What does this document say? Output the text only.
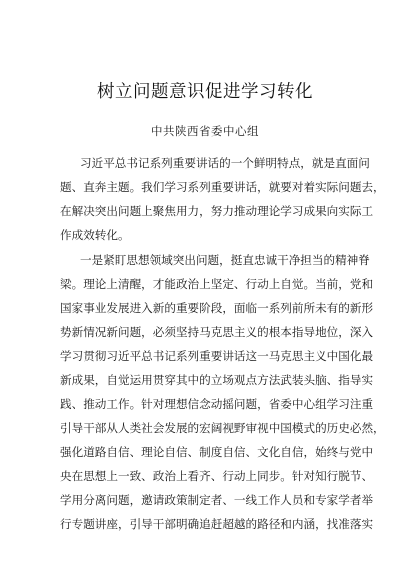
树立问题意识促进学习转化
中共陕西省委中心组
习近平总书记系列重要讲话的一个鲜明特点，就是直面问
题、直奔主题。我们学习系列重要讲话，就要对着实际问题去，
在解决突出问题上聚焦用力，努力推动理论学习成果向实际工
作成效转化。
一是紧盯思想领域突出问题，挺直忠诚干净担当的精神脊
梁。理论上清醒，才能政治上坚定、行动上自觉。当前，党和
国家事业发展进入新的重要阶段，面临一系列前所未有的新形
势新情况新问题，必须坚持马克思主义的根本指导地位，深入
学习贯彻习近平总书记系列重要讲话这一马克思主义中国化最
新成果，自觉运用贯穿其中的立场观点方法武装头脑、指导实
践、推动工作。针对理想信念动摇问题，省委中心组学习注重
引导干部从人类社会发展的宏阔视野审视中国模式的历史必然，
强化道路自信、理论自信、制度自信、文化自信，始终与党中
央在思想上一致、政治上看齐、行动上同步。针对知行脱节、
学用分离问题，邀请政策制定者、一线工作人员和专家学者举
行专题讲座，引导干部明确追赶超越的路径和内涵，找准落实
